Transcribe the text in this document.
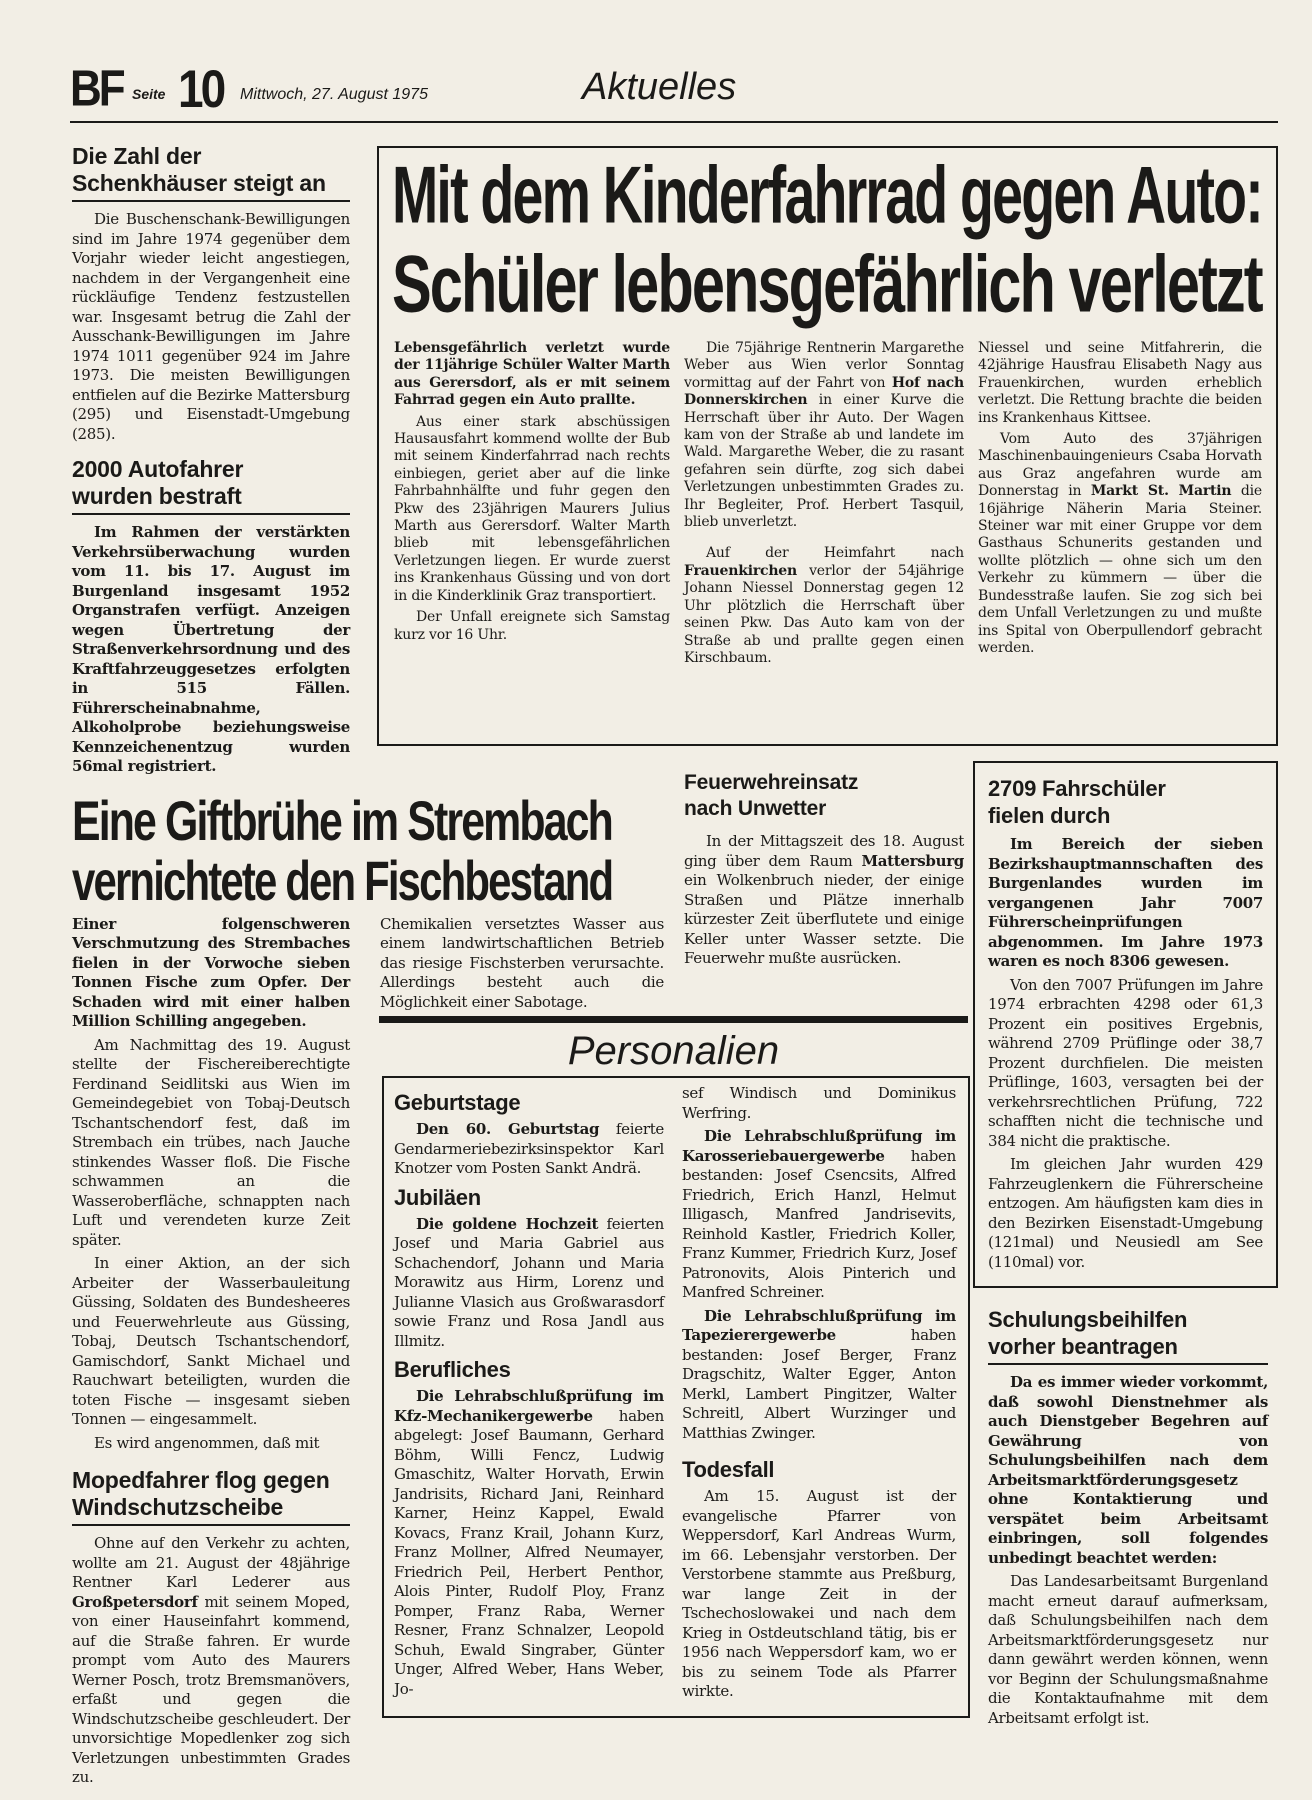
BF Seite 10 Mittwoch, 27. August 1975	Aktuelles
Die Zahl der
Schenkhäuser steigt an

Die Buschenschank-Bewilligungen sind im Jahre 1974 gegenüber dem Vorjahr wieder leicht angestiegen, nachdem in der Vergangenheit eine rückläufige Tendenz festzustellen war. Insgesamt betrug die Zahl der Ausschank-Bewilligungen im Jahre 1974 1011 gegenüber 924 im Jahre 1973. Die meisten Bewilligungen entfielen auf die Bezirke Mattersburg (295) und Eisenstadt-Umgebung (285).

2000 Autofahrer
wurden bestraft

Im Rahmen der verstärkten Verkehrsüberwachung wurden vom 11. bis 17. August im Burgenland insgesamt 1952 Organstrafen verfügt. Anzeigen wegen Übertretung der Straßenverkehrsordnung und des Kraftfahrzeuggesetzes erfolgten in 515 Fällen. Führerscheinabnahme, Alkoholprobe beziehungsweise Kennzeichenentzug wurden 56mal registriert.

Eine Giftbrühe im Strembach
vernichtete den Fischbestand

Einer folgenschweren Verschmutzung des Strembaches fielen in der Vorwoche sieben Tonnen Fische zum Opfer. Der Schaden wird mit einer halben Million Schilling angegeben.

Am Nachmittag des 19. August stellte der Fischereiberechtigte Ferdinand Seidlitski aus Wien im Gemeindegebiet von Tobaj-Deutsch Tschantschendorf fest, daß im Strembach ein trübes, nach Jauche stinkendes Wasser floß. Die Fische schwammen an die Wasseroberfläche, schnappten nach Luft und verendeten kurze Zeit später.

In einer Aktion, an der sich Arbeiter der Wasserbauleitung Güssing, Soldaten des Bundesheeres und Feuerwehrleute aus Güssing, Tobaj, Deutsch Tschantschendorf, Gamischdorf, Sankt Michael und Rauchwart beteiligten, wurden die toten Fische — insgesamt sieben Tonnen — eingesammelt.

Es wird angenommen, daß mit

Mopedfahrer flog gegen
Windschutzscheibe

Ohne auf den Verkehr zu achten, wollte am 21. August der 48jährige Rentner Karl Lederer aus Großpetersdorf mit seinem Moped, von einer Hauseinfahrt kommend, auf die Straße fahren. Er wurde prompt vom Auto des Maurers Werner Posch, trotz Bremsmanövers, erfaßt und gegen die Windschutzscheibe geschleudert. Der unvorsichtige Mopedlenker zog sich Verletzungen unbestimmten Grades zu.

Chemikalien versetztes Wasser aus einem landwirtschaftlichen Betrieb das riesige Fischsterben verursachte. Allerdings besteht auch die Möglichkeit einer Sabotage.

Mit dem Kinderfahrrad gegen Auto:
Schüler lebensgefährlich verletzt

Lebensgefährlich verletzt wurde der 11jährige Schüler Walter Marth aus Gerersdorf, als er mit seinem Fahrrad gegen ein Auto prallte.

Aus einer stark abschüssigen Hausausfahrt kommend wollte der Bub mit seinem Kinderfahrrad nach rechts einbiegen, geriet aber auf die linke Fahrbahnhälfte und fuhr gegen den Pkw des 23jährigen Maurers Julius Marth aus Gerersdorf. Walter Marth blieb mit lebensgefährlichen Verletzungen liegen. Er wurde zuerst ins Krankenhaus Güssing und von dort in die Kinderklinik Graz transportiert.

Der Unfall ereignete sich Samstag kurz vor 16 Uhr.

Die 75jährige Rentnerin Margarethe Weber aus Wien verlor Sonntag vormittag auf der Fahrt von Hof nach Donnerskirchen in einer Kurve die Herrschaft über ihr Auto. Der Wagen kam von der Straße ab und landete im Wald. Margarethe Weber, die zu rasant gefahren sein dürfte, zog sich dabei Verletzungen unbestimmten Grades zu. Ihr Begleiter, Prof. Herbert Tasquil, blieb unverletzt.

Auf der Heimfahrt nach Frauenkirchen verlor der 54jährige Johann Niessel Donnerstag gegen 12 Uhr plötzlich die Herrschaft über seinen Pkw. Das Auto kam von der Straße ab und prallte gegen einen Kirschbaum.

Niessel und seine Mitfahrerin, die 42jährige Hausfrau Elisabeth Nagy aus Frauenkirchen, wurden erheblich verletzt. Die Rettung brachte die beiden ins Krankenhaus Kittsee.

Vom Auto des 37jährigen Maschinenbauingenieurs Csaba Horvath aus Graz angefahren wurde am Donnerstag in Markt St. Martin die 16jährige Näherin Maria Steiner. Steiner war mit einer Gruppe vor dem Gasthaus Schunerits gestanden und wollte plötzlich — ohne sich um den Verkehr zu kümmern — über die Bundesstraße laufen. Sie zog sich bei dem Unfall Verletzungen zu und mußte ins Spital von Oberpullendorf gebracht werden.

Feuerwehreinsatz
nach Unwetter

In der Mittagszeit des 18. August ging über dem Raum Mattersburg ein Wolkenbruch nieder, der einige Straßen und Plätze innerhalb kürzester Zeit überflutete und einige Keller unter Wasser setzte. Die Feuerwehr mußte ausrücken.

Personalien
Geburtstage

Den 60. Geburtstag feierte Gendarmeriebezirksinspektor Karl Knotzer vom Posten Sankt Andrä.

Jubiläen

Die goldene Hochzeit feierten Josef und Maria Gabriel aus Schachendorf, Johann und Maria Morawitz aus Hirm, Lorenz und Julianne Vlasich aus Großwarasdorf sowie Franz und Rosa Jandl aus Illmitz.

Berufliches

Die Lehrabschlußprüfung im Kfz-Mechanikergewerbe haben abgelegt: Josef Baumann, Gerhard Böhm, Willi Fencz, Ludwig Gmaschitz, Walter Horvath, Erwin Jandrisits, Richard Jani, Reinhard Karner, Heinz Kappel, Ewald Kovacs, Franz Krail, Johann Kurz, Franz Mollner, Alfred Neumayer, Friedrich Peil, Herbert Penthor, Alois Pinter, Rudolf Ploy, Franz Pomper, Franz Raba, Werner Resner, Franz Schnalzer, Leopold Schuh, Ewald Singraber, Günter Unger, Alfred Weber, Hans Weber, Jo-

sef Windisch und Dominikus Werfring.

Die Lehrabschlußprüfung im Karosseriebauergewerbe haben bestanden: Josef Csencsits, Alfred Friedrich, Erich Hanzl, Helmut Illigasch, Manfred Jandrisevits, Reinhold Kastler, Friedrich Koller, Franz Kummer, Friedrich Kurz, Josef Patronovits, Alois Pinterich und Manfred Schreiner.

Die Lehrabschlußprüfung im Tapezierergewerbe haben bestanden: Josef Berger, Franz Dragschitz, Walter Egger, Anton Merkl, Lambert Pingitzer, Walter Schreitl, Albert Wurzinger und Matthias Zwinger.

Todesfall

Am 15. August ist der evangelische Pfarrer von Weppersdorf, Karl Andreas Wurm, im 66. Lebensjahr verstorben. Der Verstorbene stammte aus Preßburg, war lange Zeit in der Tschechoslowakei und nach dem Krieg in Ostdeutschland tätig, bis er 1956 nach Weppersdorf kam, wo er bis zu seinem Tode als Pfarrer wirkte.

2709 Fahrschüler
fielen durch

Im Bereich der sieben Bezirkshauptmannschaften des Burgenlandes wurden im vergangenen Jahr 7007 Führerscheinprüfungen abgenommen. Im Jahre 1973 waren es noch 8306 gewesen.

Von den 7007 Prüfungen im Jahre 1974 erbrachten 4298 oder 61,3 Prozent ein positives Ergebnis, während 2709 Prüflinge oder 38,7 Prozent durchfielen. Die meisten Prüflinge, 1603, versagten bei der verkehrsrechtlichen Prüfung, 722 schafften nicht die technische und 384 nicht die praktische.

Im gleichen Jahr wurden 429 Fahrzeuglenkern die Führerscheine entzogen. Am häufigsten kam dies in den Bezirken Eisenstadt-Umgebung (121mal) und Neusiedl am See (110mal) vor.

Schulungsbeihilfen
vorher beantragen

Da es immer wieder vorkommt, daß sowohl Dienstnehmer als auch Dienstgeber Begehren auf Gewährung von Schulungsbeihilfen nach dem Arbeitsmarktförderungsgesetz ohne Kontaktierung und verspätet beim Arbeitsamt einbringen, soll folgendes unbedingt beachtet werden:

Das Landesarbeitsamt Burgenland macht erneut darauf aufmerksam, daß Schulungsbeihilfen nach dem Arbeitsmarktförderungsgesetz nur dann gewährt werden können, wenn vor Beginn der Schulungsmaßnahme die Kontaktaufnahme mit dem Arbeitsamt erfolgt ist.
